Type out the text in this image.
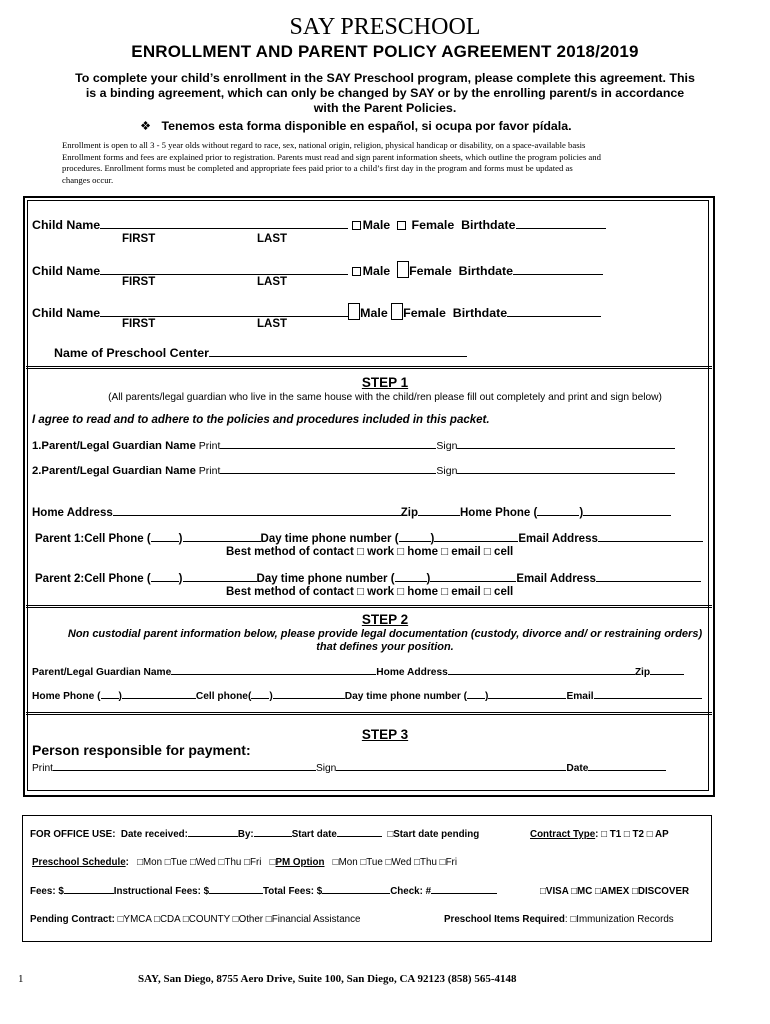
SAY PRESCHOOL
ENROLLMENT AND PARENT POLICY AGREEMENT 2018/2019
To complete your child’s enrollment in the SAY Preschool program, please complete this agreement. This
is a binding agreement, which can only be changed by SAY or by the enrolling parent/s in accordance
with the Parent Policies.
❖ Tenemos esta forma disponible en español, si ocupa por favor pídala.
Enrollment is open to all 3 - 5 year olds without regard to race, sex, national origin, religion, physical handicap or disability, on a space-available basis
Enrollment forms and fees are explained prior to registration. Parents must read and sign parent information sheets, which outline the program policies and
procedures. Enrollment forms must be completed and appropriate fees paid prior to a child’s first day in the program and forms must be updated as
changes occur.
Child Name	Male Female Birthdate
FIRST	LAST
Child Name	Male Female Birthdate
FIRST	LAST
Child Name	Male Female Birthdate
FIRST	LAST
Name of Preschool Center
STEP 1
(All parents/legal guardian who live in the same house with the child/ren please fill out completely and print and sign below)
I agree to read and to adhere to the policies and procedures included in this packet.
1.Parent/Legal Guardian Name Print	Sign
2.Parent/Legal Guardian Name Print	Sign
Home Address	Zip	Home Phone (	)
Parent 1:Cell Phone ( )	Day time phone number (	)	Email Address
Best method of contact □ work □ home □ email □ cell
Parent 2:Cell Phone ( )	Day time phone number (	)	Email Address
Best method of contact □ work □ home □ email □ cell
STEP 2
Non custodial parent information below, please provide legal documentation (custody, divorce and/ or restraining orders)
that defines your position.
Parent/Legal Guardian Name	Home Address	Zip
Home Phone ( )	Cell phone( )	Day time phone number ( )	Email
STEP 3
Person responsible for payment:
Print	Sign	Date
FOR OFFICE USE: Date received:	By:	Start date	□Start date pending	Contract Type: □ T1 □ T2 □ AP
Preschool Schedule: □Mon □Tue □Wed □Thu □Fri □PM Option □Mon □Tue □Wed □Thu □Fri
Fees: $	Instructional Fees: $	Total Fees: $	Check: #	□VISA □MC □AMEX □DISCOVER
Pending Contract: □YMCA □CDA □COUNTY □Other □Financial Assistance	Preschool Items Required: □Immunization Records
1	SAY, San Diego, 8755 Aero Drive, Suite 100, San Diego, CA 92123 (858) 565-4148
